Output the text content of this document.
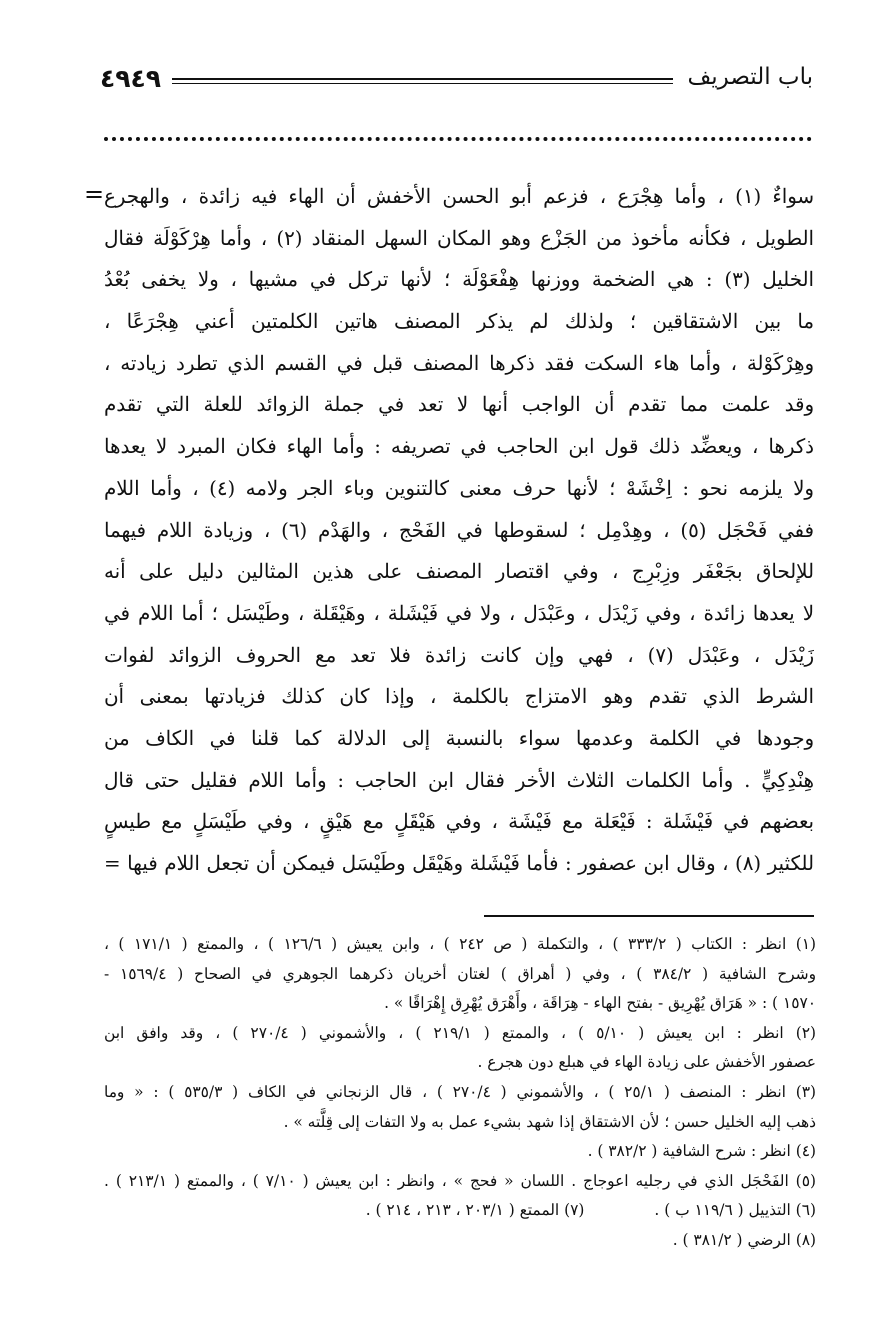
٤٩٤٩	باب التصريف
= سواءٌ (١) ، وأما هِجْرَع ، فزعم أبو الحسن الأخفش أن الهاء فيه زائدة ، والهجرع
الطويل ، فكأنه مأخوذ من الجَزْع وهو المكان السهل المنقاد (٢) ، وأما هِرْكَوْلَة فقال
الخليل (٣) : هي الضخمة ووزنها هِفْعَوْلَة ؛ لأنها تركل في مشيها ، ولا يخفى بُعْدُ
ما بين الاشتقاقين ؛ ولذلك لم يذكر المصنف هاتين الكلمتين أعني هِجْرَعًا ،
وهِرْكَوْلة ، وأما هاء السكت فقد ذكرها المصنف قبل في القسم الذي تطرد زيادته ،
وقد علمت مما تقدم أن الواجب أنها لا تعد في جملة الزوائد للعلة التي تقدم
ذكرها ، ويعضِّد ذلك قول ابن الحاجب في تصريفه : وأما الهاء فكان المبرد لا يعدها
ولا يلزمه نحو : اِخْشَهْ ؛ لأنها حرف معنى كالتنوين وباء الجر ولامه (٤) ، وأما اللام
ففي فَحْجَل (٥) ، وهِدْمِل ؛ لسقوطها في الفَحْج ، والهَدْم (٦) ، وزيادة اللام فيهما
للإلحاق بجَعْفَر وزِبْرِج ، وفي اقتصار المصنف على هذين المثالين دليل على أنه
لا يعدها زائدة ، وفي زَيْدَل ، وعَبْدَل ، ولا في فَيْشَلة ، وهَيْقَلة ، وطَيْسَل ؛ أما اللام في
زَيْدَل ، وعَبْدَل (٧) ، فهي وإن كانت زائدة فلا تعد مع الحروف الزوائد لفوات
الشرط الذي تقدم وهو الامتزاج بالكلمة ، وإذا كان كذلك فزيادتها بمعنى أن
وجودها في الكلمة وعدمها سواء بالنسبة إلى الدلالة كما قلنا في الكاف من
هِنْدِكِيٍّ . وأما الكلمات الثلاث الأخر فقال ابن الحاجب : وأما اللام فقليل حتى قال
بعضهم في فَيْشَلة : فَيْعَلة مع فَيْشَة ، وفي هَيْقَلٍ مع هَيْقٍ ، وفي طَيْسَلٍ مع طيسٍ
للكثير (٨) ، وقال ابن عصفور : فأما فَيْشَلة وهَيْقَل وطَيْسَل فيمكن أن تجعل اللام فيها =
(١) انظر : الكتاب ( ٣٣٣/٢ ) ، والتكملة ( ص ٢٤٢ ) ، وابن يعيش ( ١٢٦/٦ ) ، والممتع ( ١٧١/١ ) ،
وشرح الشافية ( ٣٨٤/٢ ) ، وفي ( أهراق ) لغتان أخريان ذكرهما الجوهري في الصحاح ( ١٥٦٩/٤ -
١٥٧٠ ) : « هَرَاق يُهْرِيق - بفتح الهاء - هِرَاقَة ، وأَهْرَق يُهْرِق إِهْرَاقًا » .
(٢) انظر : ابن يعيش ( ٥/١٠ ) ، والممتع ( ٢١٩/١ ) ، والأشموني ( ٢٧٠/٤ ) ، وقد وافق ابن
عصفور الأخفش على زيادة الهاء في هبلع دون هجرع .
(٣) انظر : المنصف ( ٢٥/١ ) ، والأشموني ( ٢٧٠/٤ ) ، قال الزنجاني في الكاف ( ٥٣٥/٣ ) : « وما
ذهب إليه الخليل حسن ؛ لأن الاشتقاق إذا شهد بشيء عمل به ولا التفات إلى قِلَّته » .
(٤) انظر : شرح الشافية ( ٣٨٢/٢ ) .
(٥) الفَحْجَل الذي في رجليه اعوجاج . اللسان « فحج » ، وانظر : ابن يعيش ( ٧/١٠ ) ، والممتع ( ٢١٣/١ ) .
(٦) التذييل ( ١١٩/٦ ب ) .
(٧) الممتع ( ٢٠٣/١ ، ٢١٣ ، ٢١٤ ) .
(٨) الرضي ( ٣٨١/٢ ) .
